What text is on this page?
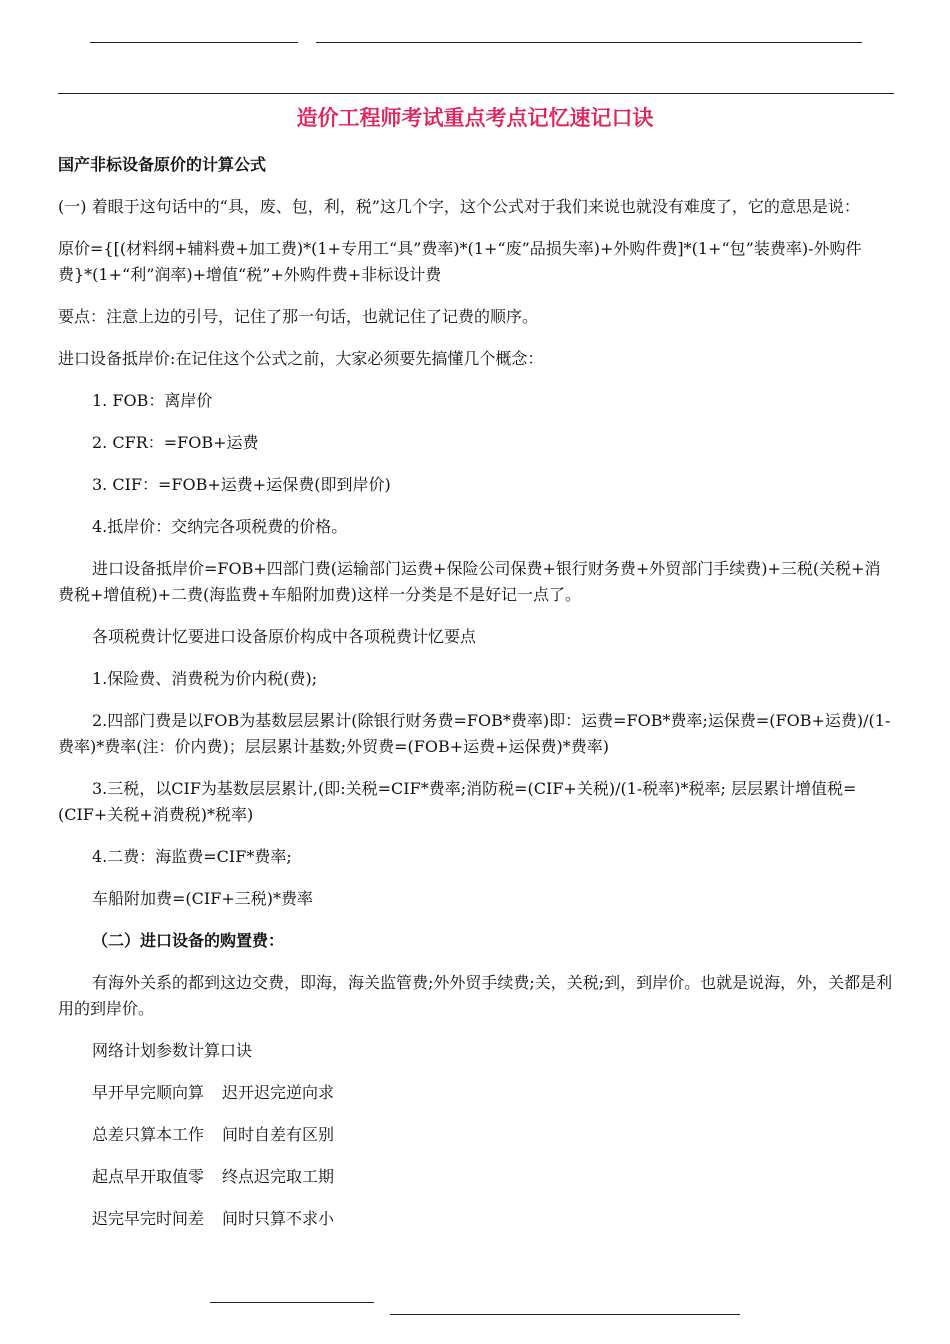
造价工程师考试重点考点记忆速记口诀

国产非标设备原价的计算公式

(一) 着眼于这句话中的“具，废、包，利，税”这几个字，这个公式对于我们来说也就没有难度了，它的意思是说：

原价={[(材料纲+辅料费+加工费)*(1+专用工“具”费率)*(1+“废”品损失率)+外购件费]*(1+“包”装费率)-外购件费}*(1+“利”润率)+增值“税”+外购件费+非标设计费

要点：注意上边的引号，记住了那一句话，也就记住了记费的顺序。

进口设备抵岸价:在记住这个公式之前，大家必须要先搞懂几个概念：

1. FOB：离岸价

2. CFR：=FOB+运费

3. CIF：=FOB+运费+运保费(即到岸价)

4.抵岸价：交纳完各项税费的价格。

进口设备抵岸价=FOB+四部门费(运输部门运费+保险公司保费+银行财务费+外贸部门手续费)+三税(关税+消费税+增值税)+二费(海监费+车船附加费)这样一分类是不是好记一点了。

各项税费计忆要进口设备原价构成中各项税费计忆要点

1.保险费、消费税为价内税(费);

2.四部门费是以FOB为基数层层累计(除银行财务费=FOB*费率)即：运费=FOB*费率;运保费=(FOB+运费)/(1-费率)*费率(注：价内费)；层层累计基数;外贸费=(FOB+运费+运保费)*费率)

3.三税，以CIF为基数层层累计,(即:关税=CIF*费率;消防税=(CIF+关税)/(1-税率)*税率; 层层累计增值税=(CIF+关税+消费税)*税率)

4.二费：海监费=CIF*费率;

车船附加费=(CIF+三税)*费率

（二）进口设备的购置费：

有海外关系的都到这边交费，即海，海关监管费;外外贸手续费;关，关税;到，到岸价。也就是说海，外，关都是利用的到岸价。

网络计划参数计算口诀

早开早完顺向算 迟开迟完逆向求

总差只算本工作 间时自差有区别

起点早开取值零 终点迟完取工期

迟完早完时间差 间时只算不求小
